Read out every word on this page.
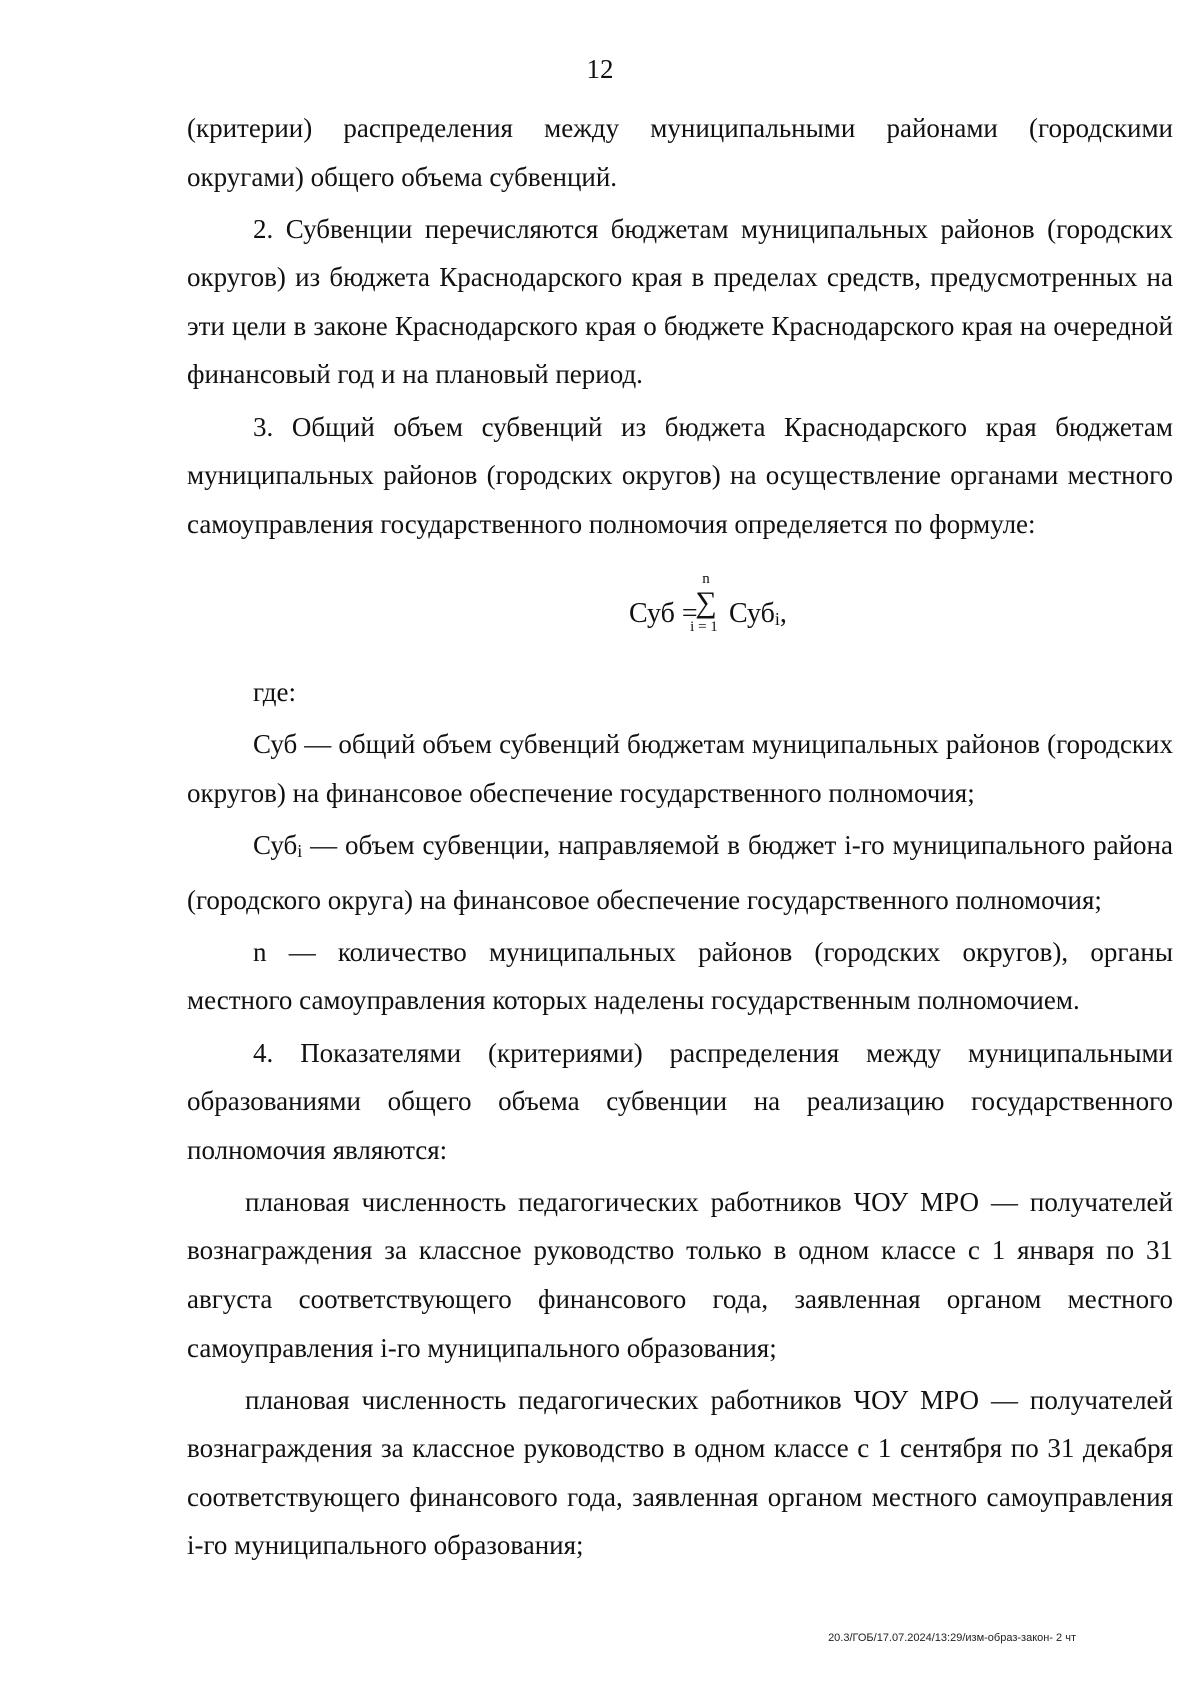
12

(критерии) распределения между муниципальными районами (городскими округами) общего объема субвенций.

2. Субвенции перечисляются бюджетам муниципальных районов (городских округов) из бюджета Краснодарского края в пределах средств, предусмотренных на эти цели в законе Краснодарского края о бюджете Краснодарского края на очередной финансовый год и на плановый период.

3. Общий объем субвенций из бюджета Краснодарского края бюджетам муниципальных районов (городских округов) на осуществление органами местного самоуправления государственного полномочия определяется по формуле:

Суб =
n
∑
i = 1 Субi,

где:

Суб — общий объем субвенций бюджетам муниципальных районов (городских округов) на финансовое обеспечение государственного полномочия;

Субi — объем субвенции, направляемой в бюджет i-го муниципального района (городского округа) на финансовое обеспечение государственного полномочия;

n — количество муниципальных районов (городских округов), органы местного самоуправления которых наделены государственным полномочием.

4. Показателями (критериями) распределения между муниципальными образованиями общего объема субвенции на реализацию государственного полномочия являются:

плановая численность педагогических работников ЧОУ МРО — получателей вознаграждения за классное руководство только в одном классе с 1 января по 31 августа соответствующего финансового года, заявленная органом местного самоуправления i-го муниципального образования;

плановая численность педагогических работников ЧОУ МРО — получателей вознаграждения за классное руководство в одном классе с 1 сентября по 31 декабря соответствующего финансового года, заявленная органом местного самоуправления i-го муниципального образования;

20.3/ГОБ/17.07.2024/13:29/изм-образ-закон- 2 чт
